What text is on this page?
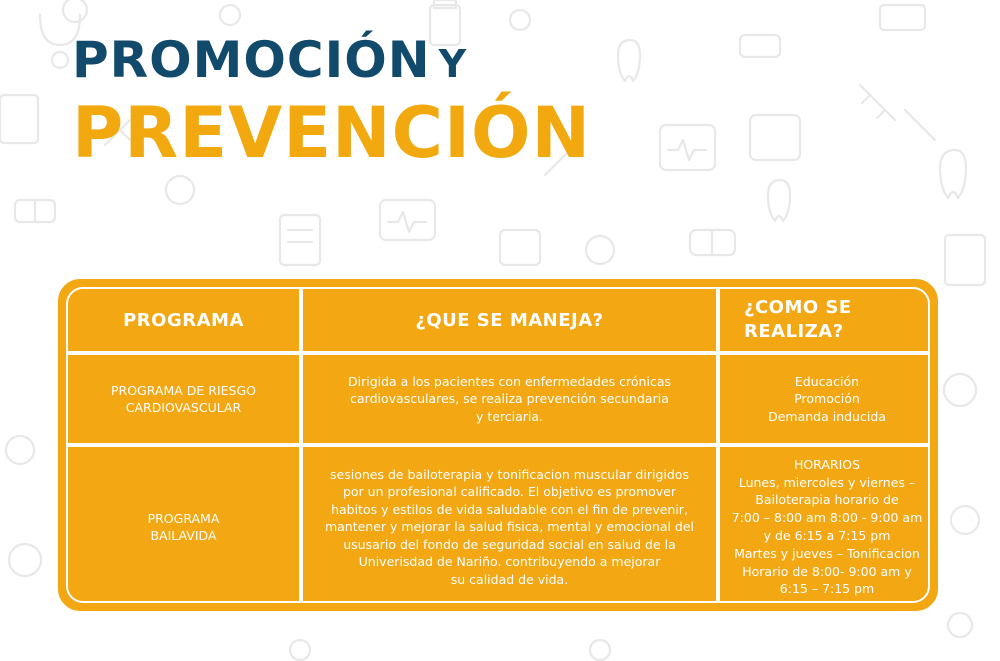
PROMOCIÓN Y
PREVENCIÓN
PROGRAMA	¿QUE SE MANEJA?
¿COMO SE REALIZA?
PROGRAMA DE RIESGO
CARDIOVASCULAR
Dirigida a los pacientes con enfermedades crónicas
cardiovasculares, se realiza prevención secundaria
y terciaria.
Educación
Promoción
Demanda inducida
PROGRAMA
BAILAVIDA
sesiones de bailoterapia y tonificacion muscular dirigidos
por un profesional calificado. El objetivo es promover
habitos y estilos de vida saludable con el fin de prevenir,
mantener y mejorar la salud fisica, mental y emocional del
ususario del fondo de seguridad social en salud de la
Univerisdad de Nariño. contribuyendo a mejorar
su calidad de vida.
HORARIOS
Lunes, miercoles y viernes –
Bailoterapia horario de
7:00 – 8:00 am 8:00 - 9:00 am
y de 6:15 a 7:15 pm
Martes y jueves – Tonificacion
Horario de 8:00- 9:00 am y
6:15 – 7:15 pm
